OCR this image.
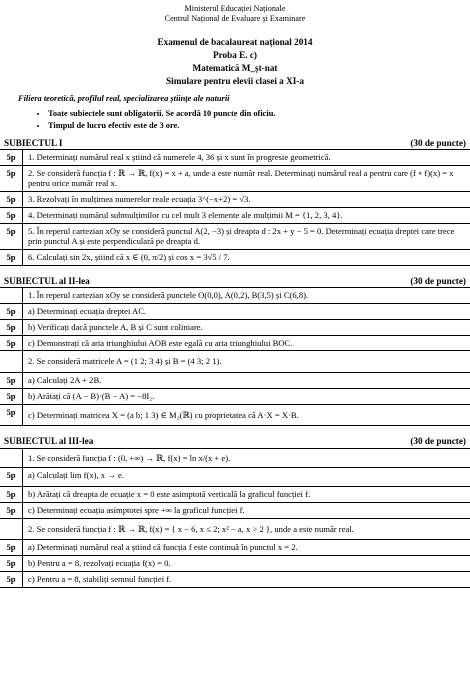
Ministerul Educației Naționale
Centrul Național de Evaluare și Examinare
Examenul de bacalaureat național 2014
Proba E. c)
Matematică M_șt-nat
Simulare pentru elevii clasei a XI-a
Filiera teoretică, profilul real, specializarea științe ale naturii
• Toate subiectele sunt obligatorii. Se acordă 10 puncte din oficiu.
• Timpul de lucru efectiv este de 3 ore.
SUBIECTUL I	(30 de puncte)
5p	1. Determinați numărul real x știind că numerele 4, 36 și x sunt în progresie geometrică.
5p	2. Se consideră funcția f : ℝ → ℝ, f(x) = x + a, unde a este număr real. Determinați numărul real a pentru care (f ∘ f)(x) = x pentru orice număr real x.
5p	3. Rezolvați în mulțimea numerelor reale ecuația 3^(−x+2) = √3.
5p	4. Determinați numărul submulțimilor cu cel mult 3 elemente ale mulțimii M = {1, 2, 3, 4}.
5p	5. În reperul cartezian xOy se consideră punctul A(2, −3) și dreapta d : 2x + y − 5 = 0. Determinați ecuația dreptei care trece prin punctul A și este perpendiculară pe dreapta d.
5p	6. Calculați sin 2x, știind că x ∈ (0, π/2) și cos x = 3√5 / 7.
SUBIECTUL al II-lea	(30 de puncte)
1. În reperul cartezian xOy se consideră punctele O(0,0), A(0,2), B(3,5) și C(6,8).
5p	a) Determinați ecuația dreptei AC.
5p	b) Verificați dacă punctele A, B și C sunt coliniare.
5p	c) Demonstrați că aria triunghiului AOB este egală cu aria triunghiului BOC.
2. Se consideră matricele A = (1 2; 3 4) și B = (4 3; 2 1).
5p	a) Calculați 2A + 2B.
5p	b) Arătați că (A − B)·(B − A) = −8I₂.
5p	c) Determinați matricea X = (a b; 1 3) ∈ M₂(ℝ) cu proprietatea că A·X = X·B.
SUBIECTUL al III-lea	(30 de puncte)
1. Se consideră funcția f : (0, +∞) → ℝ, f(x) = ln x/(x + e).
5p	a) Calculați lim f(x), x → e.
5p	b) Arătați că dreapta de ecuație x = 0 este asimptotă verticală la graficul funcției f.
5p	c) Determinați ecuația asimptotei spre +∞ la graficul funcției f.
2. Se consideră funcția f : ℝ → ℝ, f(x) = { x − 6, x ≤ 2; x² − a, x > 2 }, unde a este număr real.
5p	a) Determinați numărul real a știind că funcția f este continuă în punctul x = 2.
5p	b) Pentru a = 8, rezolvați ecuația f(x) = 0.
5p	c) Pentru a = 8, stabiliți semnul funcției f.
